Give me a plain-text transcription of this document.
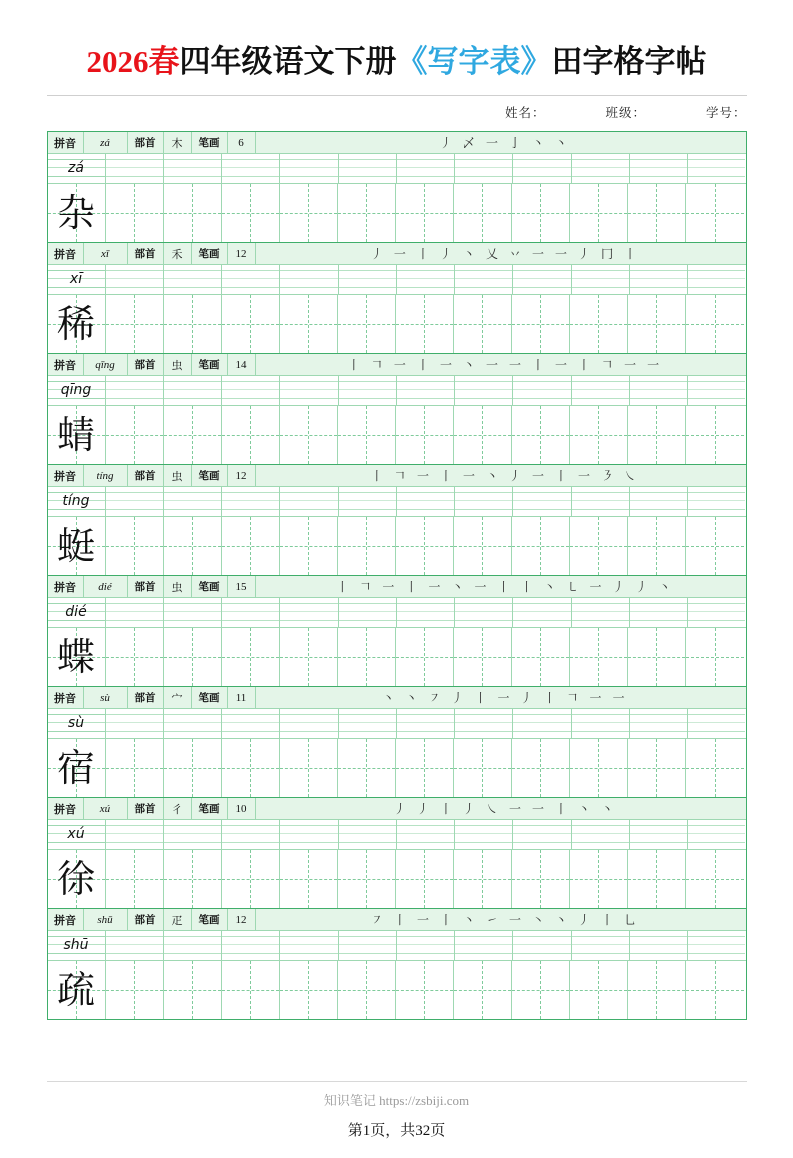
2026春四年级语文下册《写字表》田字格字帖
姓名：	班级：	学号：
拼音	zá	部首	木	笔画	6	丿 乄 一 亅 丶 丶
zá
杂
拼音	xī	部首	禾	笔画	12	丿 一 丨 丿 丶 乂 丷 一 一 丿 冂 丨
xī
稀
拼音	qīng	部首	虫	笔画	14	丨 𠃍 一 丨 一 丶 一 一 丨 一 丨 𠃍 一 一
qīng
蜻
拼音	tíng	部首	虫	笔画	12	丨 𠃍 一 丨 一 丶 丿 一 丨 一 ㇋ ㇏
tíng
蜓
拼音	dié	部首	虫	笔画	15	丨 𠃍 一 丨 一 丶 一 丨 丨 丶 ㇄ 一 丿 丿 丶
dié
蝶
拼音	sù	部首	宀	笔画	11	丶 丶 ㇇ 丿 丨 一 丿 丨 𠃍 一 一
sù
宿
拼音	xú	部首	彳	笔画	10	丿 丿 丨 丿 ㇏ 一 一 丨 丶 丶
xú
徐
拼音	shū	部首	疋	笔画	12	㇇ 丨 一 丨 丶 ㇀ 一 ㇔ 丶 丿 丨 乚
shū
疏
知识笔记 https://zsbiji.com
第1页，共32页
